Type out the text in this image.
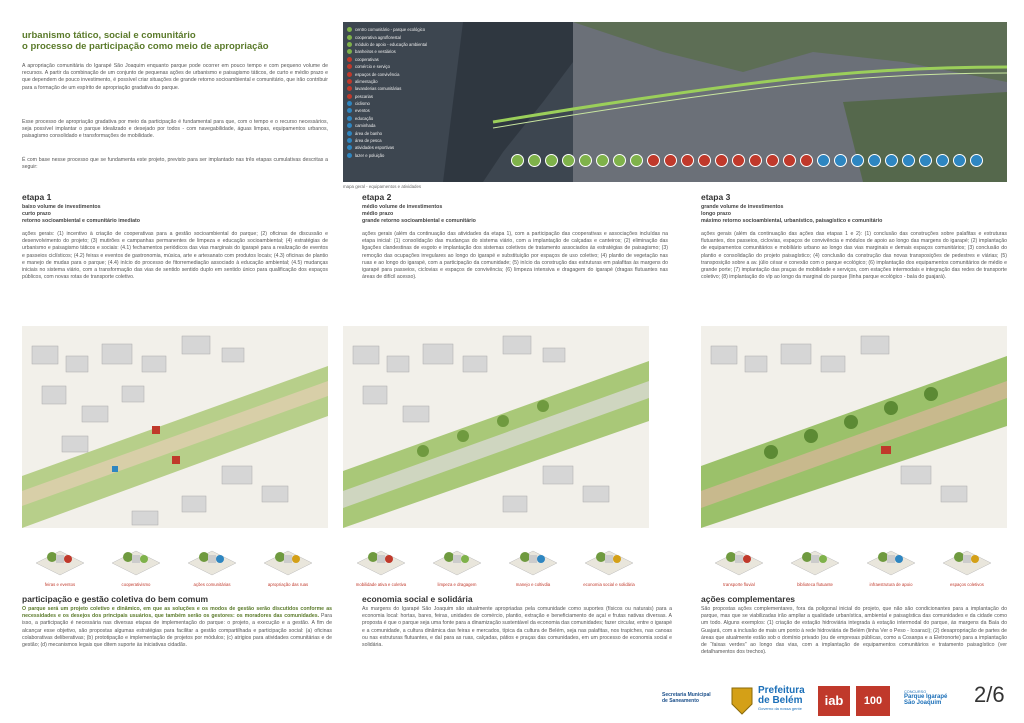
urbanismo tático, social e comunitário
o processo de participação como meio de apropriação
A apropriação comunitária do Igarapé São Joaquim enquanto parque pode ocorrer em pouco tempo e com pequeno volume de recursos. A partir da combinação de um conjunto de pequenas ações de urbanismo e paisagismo táticos, de curto e médio prazo e que dependem de pouco investimento, é possível criar situações de grande retorno socioambiental e comunitário, que irão contribuir para a formação de um espírito de apropriação gradativa do parque.
Esse processo de apropriação gradativa por meio da participação é fundamental para que, com o tempo e o recurso necessários, seja possível implantar o parque idealizado e desejado por todos - com navegabilidade, águas limpas, equipamentos urbanos, paisagismo consolidado e transformações de mobilidade.
É com base nesse processo que se fundamenta este projeto, previsto para ser implantado nas três etapas cumulativas descritas a seguir:
centro comunitário - parque ecológico
cooperativa agroflorestal
módulo de apoio - educação ambiental
banheiros e vestiários
cooperativas
comércio e serviço
espaços de convivência
alimentação
lavanderias comunitárias
pescarias
ciclismo
eventos
educação
caminhada
área de banho
área de pesca
atividades esportivas
lazer e poluição
mapa geral - equipamentos e atividades
etapa 1
baixo volume de investimentos
curto prazo
retorno socioambiental e comunitário imediato
ações gerais: (1) incentivo à criação de cooperativas para a gestão socioambiental do parque; (2) oficinas de discussão e desenvolvimento do projeto; (3) mutirões e campanhas permanentes de limpeza e educação socioambiental; (4) estratégias de urbanismo e paisagismo táticos e sociais: (4.1) fechamentos periódicos das vias marginais do igarapé para a realização de eventos e passeios ciclísticos; (4.2) feiras e eventos de gastronomia, música, arte e artesanato com produtos locais; (4.3) oficinas de plantio e manejo de mudas para o parque; (4.4) início do processo de fitorremediação associado à educação ambiental; (4.5) mudanças iniciais no sistema viário, com a transformação das vias de sentido sentido duplo em sentido único para qualificação dos espaços públicos, com novas rotas de transporte coletivo.
etapa 2
médio volume de investimentos
médio prazo
grande retorno socioambiental e comunitário
ações gerais (além da continuação das atividades da etapa 1), com a participação das cooperativas e associações incluídas na etapa inicial: (1) consolidação das mudanças do sistema viário, com a implantação de calçadas e canteiros; (2) eliminação das ligações clandestinas de esgoto e implantação dos sistemas coletivos de tratamento associados às estratégias de paisagismo; (3) remoção das ocupações irregulares ao longo do igarapé e substituição por espaços de uso coletivo; (4) plantio de vegetação nas ruas e ao longo do igarapé, com a participação da comunidade; (5) início da construção das estruturas em palafitas às margens do igarapé para passeios, ciclovias e espaços de convivência; (6) limpeza intensiva e dragagem do igarapé (dragas flutuantes nas áreas de difícil acesso).
etapa 3
grande volume de investimentos
longo prazo
máximo retorno socioambiental, urbanístico, paisagístico e comunitário
ações gerais (além da continuação das ações das etapas 1 e 2): (1) conclusão das construções sobre palafitas e estruturas flutuantes, dos passeios, ciclovias, espaços de convivência e módulos de apoio ao longo das margens do igarapé; (2) implantação de equipamentos comunitários e mobiliário urbano ao longo das vias marginais e demais espaços comunitários; (3) conclusão do plantio e consolidação do projeto paisagístico; (4) conclusão da construção das novas transposições de pedestres e viárias; (5) transposição sobre a av. júlio césar e conexão com o parque ecológico; (6) implantação dos equipamentos comunitários de médio e grande porte; (7) implantação das praças de mobilidade e serviços, com estações intermodais e integração das redes de transporte coletivo; (8) implantação do vlp ao longo da marginal do parque (linha parque ecológico - baía do guajará).
feiras e eventos	cooperativismo	ações comunitárias	apropriação das ruas	mobilidade ativa e coletiva	limpeza e dragagem	manejo e coltivdia	economia social e solidária	transporte fluvial	biblioteca flutuante	infraestrutura de apoio	espaços coletivos
participação e gestão coletiva do bem comum
O parque será um projeto coletivo e dinâmico, em que as soluções e os modos de gestão serão discutidos conforme as necessidades e os desejos dos principais usuários, que também serão os gestores: os moradores das comunidades. Para isso, a participação é necessária nas diversas etapas de implementação do parque: o projeto, a execução e a gestão. A fim de alcançar esse objetivo, são propostas algumas estratégias para facilitar a gestão compartilhada e participação social: (a) oficinas colaborativas deliberativas; (b) prototipação e implementação de projetos por módulos; (c) atrigios para atividades comunitárias e de gestão; (d) mecanismos legais que ditem suporte às iniciativas cidadãs.
economia social e solidária
As margens do Igarapé São Joaquim são atualmente apropriadas pela comunidade como suportes (físicos ou naturais) para a economia local: hortas, bares, feiras, unidades de comércio, plantio, extração e beneficiamento de açaí e frutas nativas diversas. A proposta é que o parque seja uma fonte para a dinamização sustentável da economia das comunidades; fazer circular, entre o igarapé e a comunidade, a cultura dinâmica das feiras e mercados, típica da cultura de Belém, seja nas palafitas, nos trapiches, nas canoas ou nas estruturas flutuantes, e daí para as ruas, calçadas, pátios e praças das comunidades, em um processo de economia social e solidária.
ações complementares
São propostas ações complementares, fora da poligonal inicial do projeto, que não são condicionantes para a implantação do parque, mas que se viabilizadas irão ampliar a qualidade urbanística, ambiental e paisagística das comunidades e da cidade como um todo. Alguns exemplos: (1) criação de estação hidroviária integrada à estação intermodal do parque, às margens da Baía do Guajará, com a inclusão de mais um ponto à rede hidroviária de Belém (linha Ver o Peso - Icoaraci); (2) desapropriação de partes de áreas que atualmente estão sob o domínio privado (ou de empresas públicas, como a Cosanpa e a Eletronorte) para a implantação de “faixas verdes” ao longo das vias, com a implantação de equipamentos comunitários e tratamento paisagístico (ver detalhamentos dos trechos).
Secretaria Municipal
de Saneamento
Prefeitura
de Belém
Governo da nossa gente
iab	100
CONCURSO
Parque Igarapé
São Joaquim	2/6
